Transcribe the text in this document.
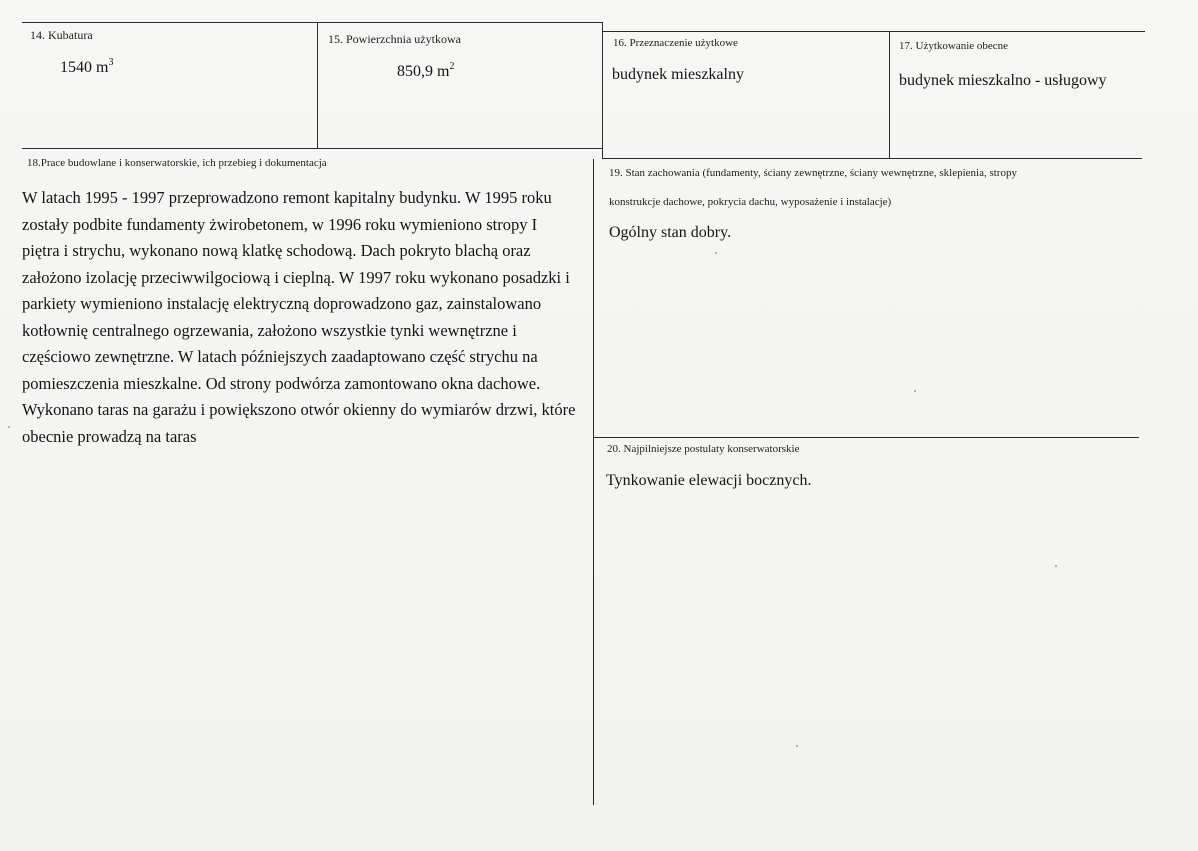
14. Kubatura
1540 $m^3$
15. Powierzchnia użytkowa
850,9 $m^2$
16. Przeznaczenie użytkowe
budynek mieszkalny
17. Użytkowanie obecne
budynek mieszkalno - usługowy
18.Prace budowlane i konserwatorskie, ich przebieg i dokumentacja
W latach 1995 - 1997 przeprowadzono remont kapitalny budynku. W 1995 roku
zostały podbite fundamenty żwirobetonem, w 1996 roku wymieniono stropy I
piętra i strychu, wykonano nową klatkę schodową. Dach pokryto blachą oraz
założono izolację przeciwwilgociową i cieplną. W 1997 roku wykonano posadzki i
parkiety wymieniono instalację elektryczną doprowadzono gaz, zainstalowano
kotłownię centralnego ogrzewania, założono wszystkie tynki wewnętrzne i
częściowo zewnętrzne. W latach późniejszych zaadaptowano część strychu na
pomieszczenia mieszkalne. Od strony podwórza zamontowano okna dachowe.
Wykonano taras na garażu i powiększono otwór okienny do wymiarów drzwi, które
obecnie prowadzą na taras
19. Stan zachowania (fundamenty, ściany zewnętrzne, ściany wewnętrzne, sklepienia, stropy
konstrukcje dachowe, pokrycia dachu, wyposażenie i instalacje)
Ogólny stan dobry.
20. Najpilniejsze postulaty konserwatorskie
Tynkowanie elewacji bocznych.
